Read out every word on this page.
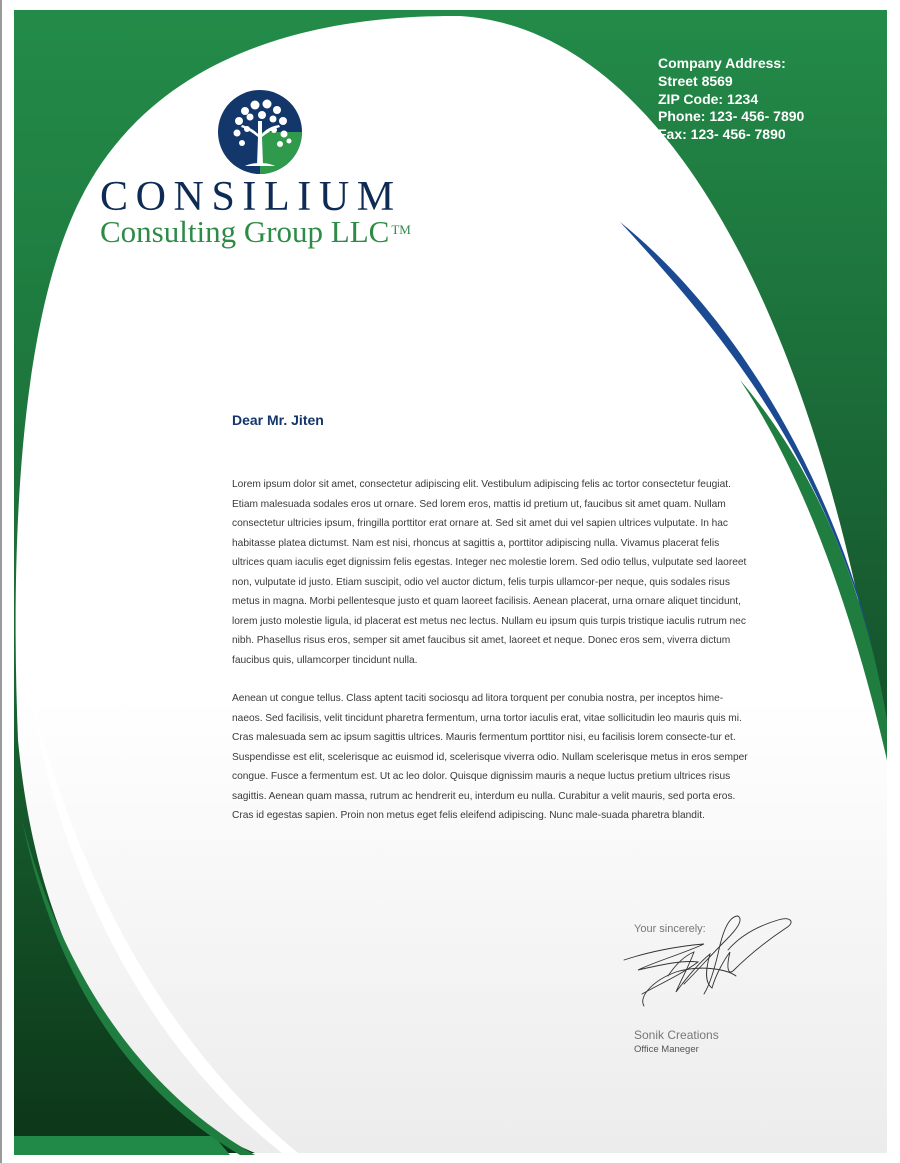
Company Address:
Street 8569
ZIP Code: 1234
Phone: 123- 456- 7890
Fax: 123- 456- 7890
CONSILIUM
Consulting Group LLC ™
Dear Mr. Jiten

Lorem ipsum dolor sit amet, consectetur adipiscing elit. Vestibulum adipiscing felis ac tortor consectetur feugiat. Etiam malesuada sodales eros ut ornare. Sed lorem eros, mattis id pretium ut, faucibus sit amet quam. Nullam consectetur ultricies ipsum, fringilla porttitor erat ornare at. Sed sit amet dui vel sapien ultrices vulputate. In hac habitasse platea dictumst. Nam est nisi, rhoncus at sagittis a, porttitor adipiscing nulla. Vivamus placerat felis ultrices quam iaculis eget dignissim felis egestas. Integer nec molestie lorem. Sed odio tellus, vulputate sed laoreet non, vulputate id justo. Etiam suscipit, odio vel auctor dictum, felis turpis ullamcor-per neque, quis sodales risus metus in magna. Morbi pellentesque justo et quam laoreet facilisis. Aenean placerat, urna ornare aliquet tincidunt, lorem justo molestie ligula, id placerat est metus nec lectus. Nullam eu ipsum quis turpis tristique iaculis rutrum nec nibh. Phasellus risus eros, semper sit amet faucibus sit amet, laoreet et neque. Donec eros sem, viverra dictum faucibus quis, ullamcorper tincidunt nulla.

Aenean ut congue tellus. Class aptent taciti sociosqu ad litora torquent per conubia nostra, per inceptos hime-naeos. Sed facilisis, velit tincidunt pharetra fermentum, urna tortor iaculis erat, vitae sollicitudin leo mauris quis mi. Cras malesuada sem ac ipsum sagittis ultrices. Mauris fermentum porttitor nisi, eu facilisis lorem consecte-tur et. Suspendisse est elit, scelerisque ac euismod id, scelerisque viverra odio. Nullam scelerisque metus in eros semper congue. Fusce a fermentum est. Ut ac leo dolor. Quisque dignissim mauris a neque luctus pretium ultrices risus sagittis. Aenean quam massa, rutrum ac hendrerit eu, interdum eu nulla. Curabitur a velit mauris, sed porta eros. Cras id egestas sapien. Proin non metus eget felis eleifend adipiscing. Nunc male-suada pharetra blandit.

Your sincerely:
Sonik Creations
Office Maneger
